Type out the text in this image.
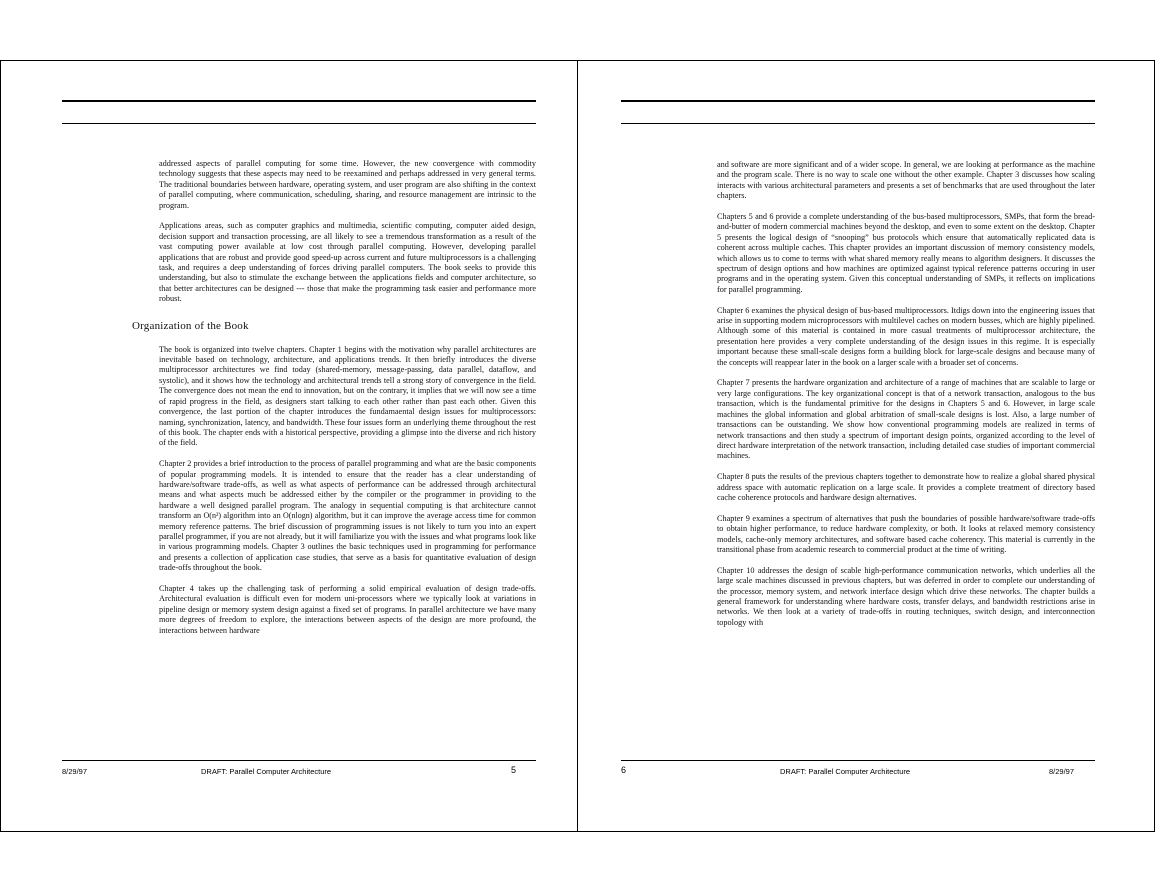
addressed aspects of parallel computing for some time. However, the new convergence with commodity technology suggests that these aspects may need to be reexamined and perhaps addressed in very general terms. The traditional boundaries between hardware, operating system, and user program are also shifting in the context of parallel computing, where communication, scheduling, sharing, and resource management are intrinsic to the program.

Applications areas, such as computer graphics and multimedia, scientific computing, computer aided design, decision support and transaction processing, are all likely to see a tremendous transformation as a result of the vast computing power available at low cost through parallel computing. However, developing parallel applications that are robust and provide good speed-up across current and future multiprocessors is a challenging task, and requires a deep understanding of forces driving parallel computers. The book seeks to provide this understanding, but also to stimulate the exchange between the applications fields and computer architecture, so that better architectures can be designed --- those that make the programming task easier and performance more robust.

Organization of the Book

The book is organized into twelve chapters. Chapter 1 begins with the motivation why parallel architectures are inevitable based on technology, architecture, and applications trends. It then briefly introduces the diverse multiprocessor architectures we find today (shared-memory, message-passing, data parallel, dataflow, and systolic), and it shows how the technology and architectural trends tell a strong story of convergence in the field. The convergence does not mean the end to innovation, but on the contrary, it implies that we will now see a time of rapid progress in the field, as designers start talking to each other rather than past each other. Given this convergence, the last portion of the chapter introduces the fundamaental design issues for multiprocessors: naming, synchronization, latency, and bandwidth. These four issues form an underlying theme throughout the rest of this book. The chapter ends with a historical perspective, providing a glimpse into the diverse and rich history of the field.

Chapter 2 provides a brief introduction to the process of parallel programming and what are the basic components of popular programming models. It is intended to ensure that the reader has a clear understanding of hardware/software trade-offs, as well as what aspects of performance can be addressed through architectural means and what aspects much be addressed either by the compiler or the programmer in providing to the hardware a well designed parallel program. The analogy in sequential computing is that architecture cannot transform an O(n²) algorithm into an O(nlogn) algorithm, but it can improve the average access time for common memory reference patterns. The brief discussion of programming issues is not likely to turn you into an expert parallel programmer, if you are not already, but it will familiarize you with the issues and what programs look like in various programming models. Chapter 3 outlines the basic techniques used in programming for performance and presents a collection of application case studies, that serve as a basis for quantitative evaluation of design trade-offs throughout the book.

Chapter 4 takes up the challenging task of performing a solid empirical evaluation of design trade-offs. Architectural evaluation is difficult even for modern uni-processors where we typically look at variations in pipeline design or memory system design against a fixed set of programs. In parallel architecture we have many more degrees of freedom to explore, the interactions between aspects of the design are more profound, the interactions between hardware

8/29/97	DRAFT: Parallel Computer Architecture	5

and software are more significant and of a wider scope. In general, we are looking at performance as the machine and the program scale. There is no way to scale one without the other example. Chapter 3 discusses how scaling interacts with various architectural parameters and presents a set of benchmarks that are used throughout the later chapters.

Chapters 5 and 6 provide a complete understanding of the bus-based multiprocessors, SMPs, that form the bread-and-butter of modern commercial machines beyond the desktop, and even to some extent on the desktop. Chapter 5 presents the logical design of “snooping” bus protocols which ensure that automatically replicated data is coherent across multiple caches. This chapter provides an important discussion of memory consistency models, which allows us to come to terms with what shared memory really means to algorithm designers. It discusses the spectrum of design options and how machines are optimized against typical reference patterns occuring in user programs and in the operating system. Given this conceptual understanding of SMPs, it reflects on implications for parallel programming.

Chapter 6 examines the physical design of bus-based multiprocessors. Itdigs down into the engineering issues that arise in supporting modern microprocessors with multilevel caches on modern busses, which are highly pipelined. Although some of this material is contained in more casual treatments of multiprocessor architecture, the presentation here provides a very complete understanding of the design issues in this regime. It is especially important because these small-scale designs form a building block for large-scale designs and because many of the concepts will reappear later in the book on a larger scale with a broader set of concerns.

Chapter 7 presents the hardware organization and architecture of a range of machines that are scalable to large or very large configurations. The key organizational concept is that of a network transaction, analogous to the bus transaction, which is the fundamental primitive for the designs in Chapters 5 and 6. However, in large scale machines the global information and global arbitration of small-scale designs is lost. Also, a large number of transactions can be outstanding. We show how conventional programming models are realized in terms of network transactions and then study a spectrum of important design points, organized according to the level of direct hardware interpretation of the network transaction, including detailed case studies of important commercial machines.

Chapter 8 puts the results of the previous chapters together to demonstrate how to realize a global shared physical address space with automatic replication on a large scale. It provides a complete treatment of directory based cache coherence protocols and hardware design alternatives.

Chapter 9 examines a spectrum of alternatives that push the boundaries of possible hardware/software trade-offs to obtain higher performance, to reduce hardware complexity, or both. It looks at relaxed memory consistency models, cache-only memory architectures, and software based cache coherency. This material is currently in the transitional phase from academic research to commercial product at the time of writing.

Chapter 10 addresses the design of scable high-performance communication networks, which underlies all the large scale machines discussed in previous chapters, but was deferred in order to complete our understanding of the processor, memory system, and network interface design which drive these networks. The chapter builds a general framework for understanding where hardware costs, transfer delays, and bandwidth restrictions arise in networks. We then look at a variety of trade-offs in routing techniques, switch design, and interconnection topology with

6	DRAFT: Parallel Computer Architecture	8/29/97
